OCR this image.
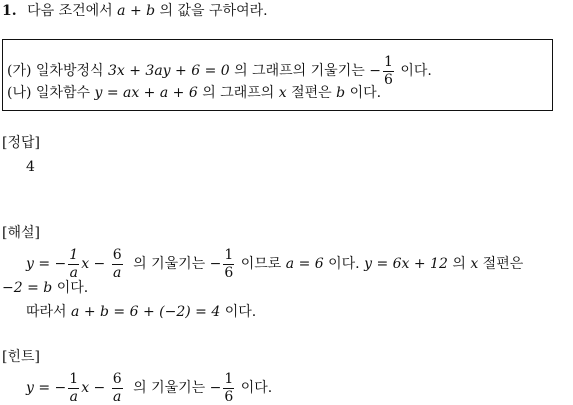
1. 다음 조건에서 a + b 의 값을 구하여라.
(가) 일차방정식 3x + 3ay + 6 = 0 의 그래프의 기울기는 − $\frac{1}{6}$ 이다.
(나) 일차함수 y = ax + a + 6 의 그래프의 x 절편은 b 이다.
[정답]
4
[해설]
y = − $\frac{1}{a}$ $x - \frac{6}{a}$ 의 기울기는 − $\frac{1}{6}$ 이므로 a = 6 이다. y = 6x + 12 의 x 절편은
−2 = b 이다.
따라서 a + b = 6 + (−2) = 4 이다.
[힌트]
y = − $\frac{1}{a}$ $x - \frac{6}{a}$ 의 기울기는 − $\frac{1}{6}$ 이다.
